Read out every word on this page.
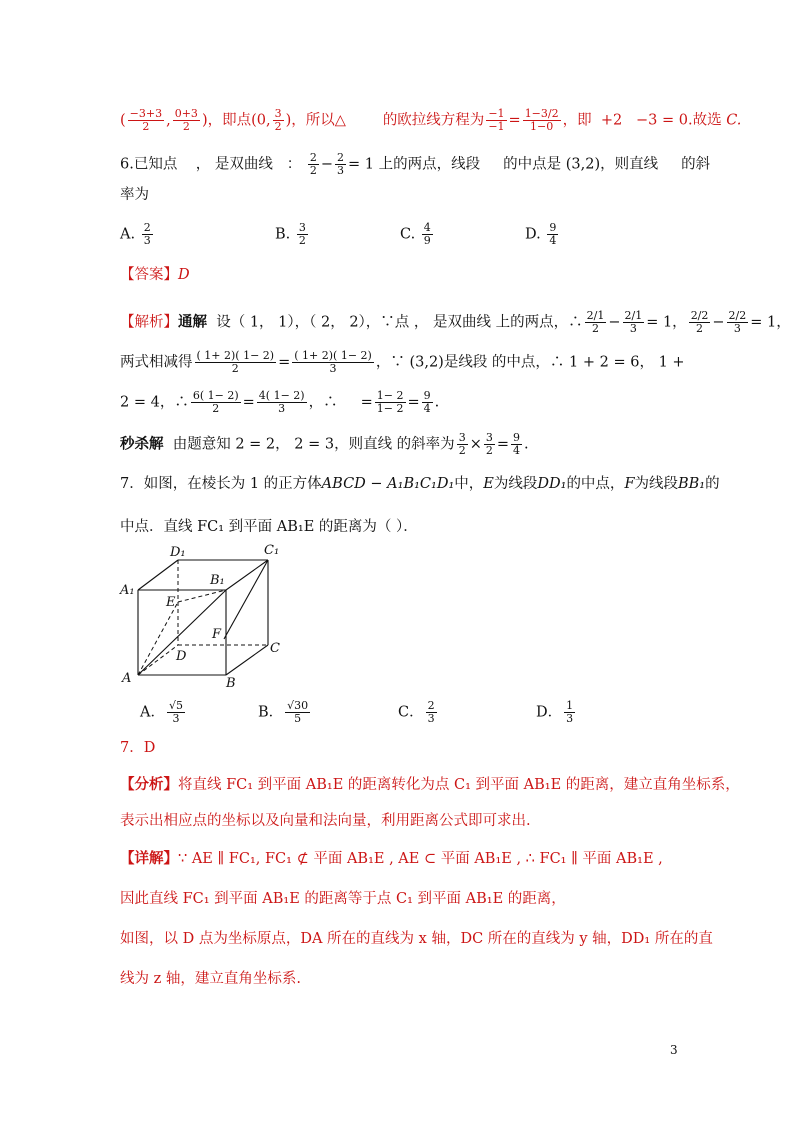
( $\frac{-3+3}{2}$ , $\frac{0+3}{2}$ )，即点(0, $\frac{3}{2}$ )，所以△	的欧拉线方程为 $\frac{-1}{-1} = \frac{1-3/2}{1-0}$ ，即 +2 −3 = 0.故选 C.
6.已知点 ， 是双曲线 ： $\frac{2}{2} - \frac{2}{3} = 1$ 上的两点，线段 的中点是 (3,2)，则直线 的斜
率为
A. $\frac{2}{3}$	B. $\frac{3}{2}$	C. $\frac{4}{9}$	D. $\frac{9}{4}$
【答案】D
【解析】通解 设（ 1， 1），（ 2， 2），∵点 ， 是双曲线 上的两点，∴ $\frac{2/1}{2} - \frac{2/1}{3} = 1$， $\frac{2/2}{2} - \frac{2/2}{3} = 1$，
两式相减得 $\frac{( 1+ 2)( 1- 2)}{2} = \frac{( 1+ 2)( 1- 2)}{3}$ ，∵ (3,2)是线段 的中点，∴ 1 + 2 = 6， 1 +
2 = 4，∴ $\frac{6( 1- 2)}{2} = \frac{4( 1- 2)}{3}$ ，∴     = $\frac{1- 2}{1- 2} = \frac{9}{4}$ .
秒杀解 由题意知 2 = 2， 2 = 3，则直线 的斜率为 $\frac{3}{2} \times \frac{3}{2} = \frac{9}{4}$ .
7．如图，在棱长为 1 的正方体ABCD − A₁B₁C₁D₁中，E为线段DD₁的中点，F为线段BB₁的
中点．直线 FC₁ 到平面 AB₁E 的距离为（ ）．
D₁	C₁
A₁
B₁
E
F
D
C
A	B
A． $\frac{√5}{3}$	B． $\frac{√30}{5}$	C． $\frac{2}{3}$	D． $\frac{1}{3}$
7．D
【分析】将直线 FC₁ 到平面 AB₁E 的距离转化为点 C₁ 到平面 AB₁E 的距离，建立直角坐标系，
表示出相应点的坐标以及向量和法向量，利用距离公式即可求出.
【详解】∵ AE ∥ FC₁, FC₁ ⊄ 平面 AB₁E , AE ⊂ 平面 AB₁E , ∴ FC₁ ∥ 平面 AB₁E ,
因此直线 FC₁ 到平面 AB₁E 的距离等于点 C₁ 到平面 AB₁E 的距离，
如图，以 D 点为坐标原点，DA 所在的直线为 x 轴，DC 所在的直线为 y 轴，DD₁ 所在的直
线为 z 轴，建立直角坐标系.
3
